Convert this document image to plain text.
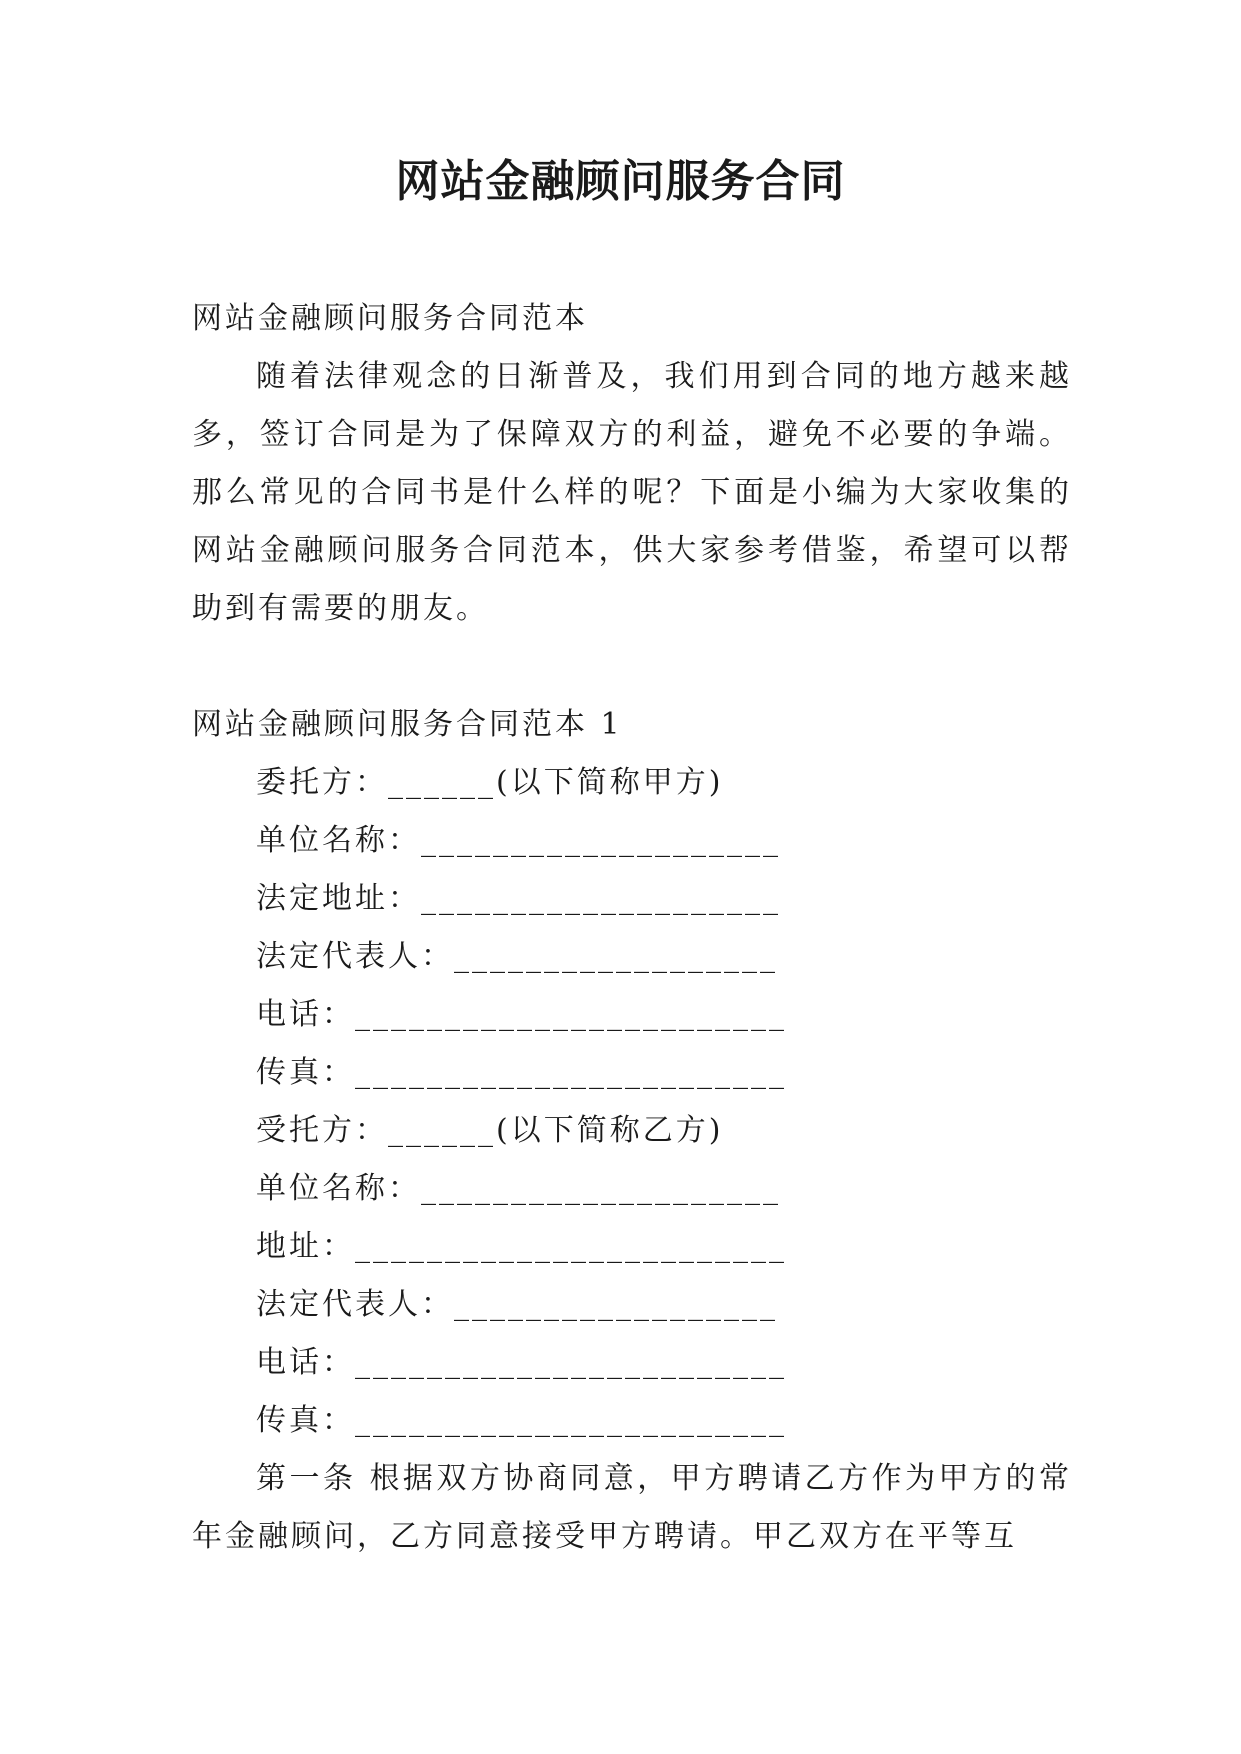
网站金融顾问服务合同

网站金融顾问服务合同范本

随着法律观念的日渐普及，我们用到合同的地方越来越多，签订合同是为了保障双方的利益，避免不必要的争端。那么常见的合同书是什么样的呢？下面是小编为大家收集的网站金融顾问服务合同范本，供大家参考借鉴，希望可以帮助到有需要的朋友。

网站金融顾问服务合同范本 1

委托方：______(以下简称甲方)

单位名称：____________________

法定地址：____________________

法定代表人：__________________

电话：________________________

传真：________________________

受托方：______(以下简称乙方)

单位名称：____________________

地址：________________________

法定代表人：__________________

电话：________________________

传真：________________________

第一条 根据双方协商同意，甲方聘请乙方作为甲方的常年金融顾问，乙方同意接受甲方聘请。甲乙双方在平等互
